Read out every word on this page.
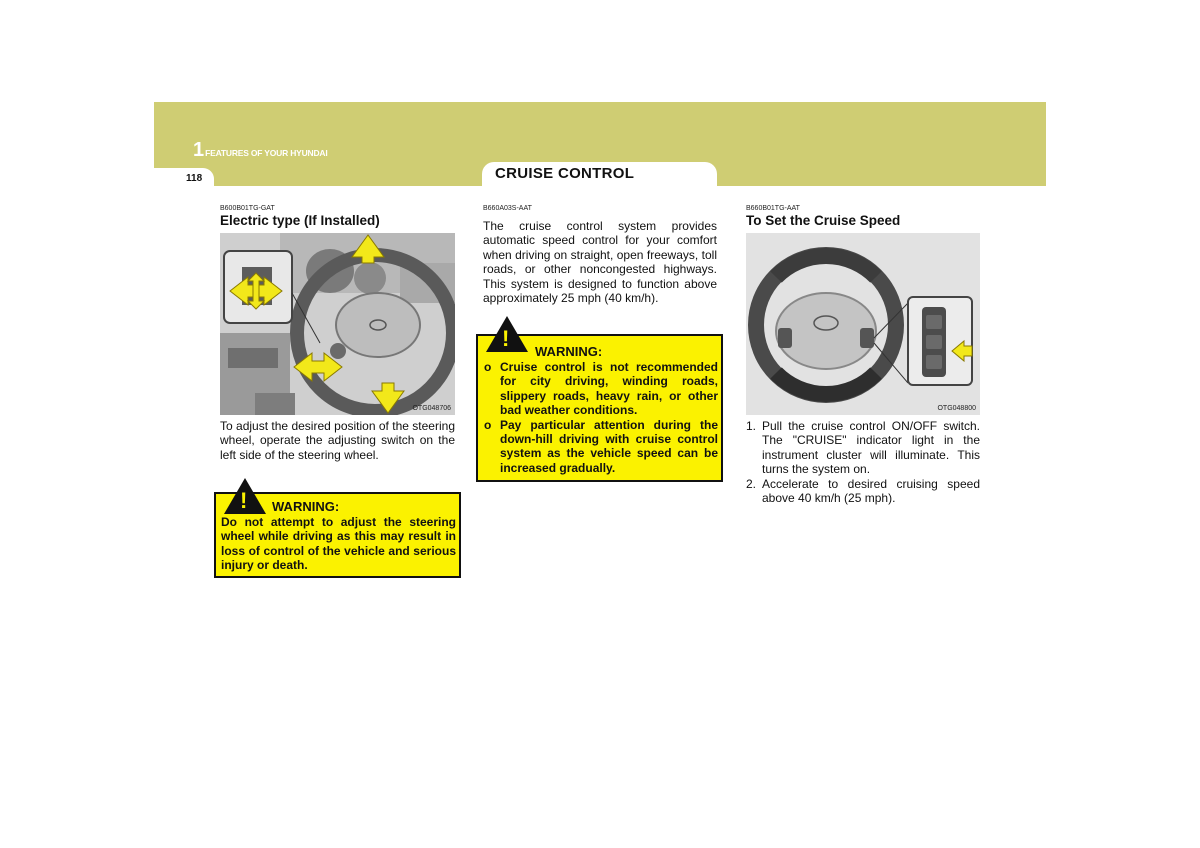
1 FEATURES OF YOUR HYUNDAI
118	CRUISE CONTROL
B600B01TG-GAT
Electric type (If Installed)
OTG048706

To adjust the desired position of the steering wheel, operate the adjusting switch on the left side of the steering wheel.

! WARNING:

Do not attempt to adjust the steering wheel while driving as this may result in loss of control of the vehicle and serious injury or death.

B660A03S-AAT

The cruise control system provides automatic speed control for your comfort when driving on straight, open freeways, toll roads, or other noncongested highways. This system is designed to function above approximately 25 mph (40 km/h).

!
WARNING:
o Cruise control is not recommended for city driving, winding roads, slippery roads, heavy rain, or other bad weather conditions.
o Pay particular attention during the down-hill driving with cruise control system as the vehicle speed can be increased gradually.
B660B01TG-AAT
To Set the Cruise Speed
OTG048800
1. Pull the cruise control ON/OFF switch. The "CRUISE" indicator light in the instrument cluster will illuminate. This turns the system on.
2. Accelerate to desired cruising speed above 40 km/h (25 mph).
